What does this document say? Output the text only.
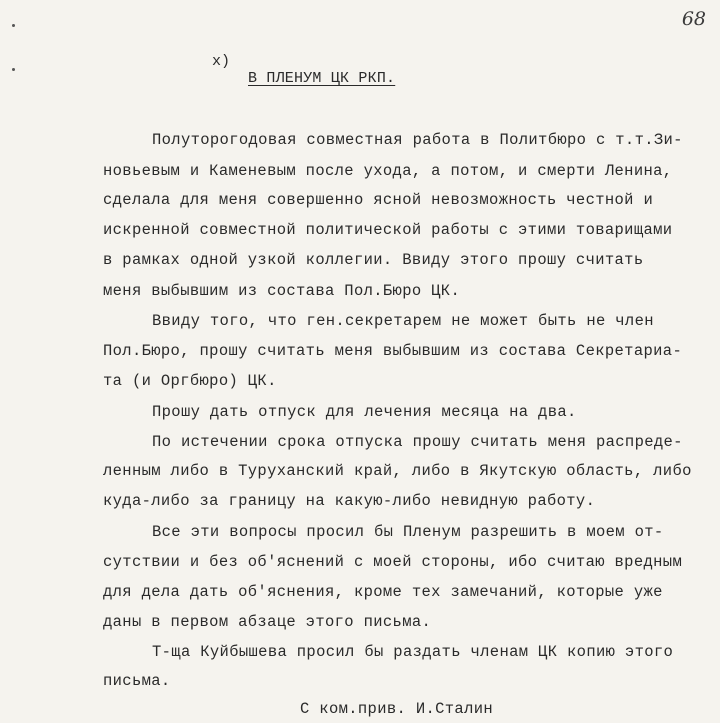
68
x)
В ПЛЕНУМ ЦК РКП.
Полуторогодовая совместная работа в Политбюро с т.т.Зи-
новьевым и Каменевым после ухода, а потом, и смерти Ленина,
сделала для меня совершенно ясной невозможность честной и
искренной совместной политической работы с этими товарищами
в рамках одной узкой коллегии. Ввиду этого прошу считать
меня выбывшим из состава Пол.Бюро ЦК.
Ввиду того, что ген.секретарем не может быть не член
Пол.Бюро, прошу считать меня выбывшим из состава Секретариа-
та (и Оргбюро) ЦК.
Прошу дать отпуск для лечения месяца на два.
По истечении срока отпуска прошу считать меня распреде-
ленным либо в Туруханский край, либо в Якутскую область, либо
куда-либо за границу на какую-либо невидную работу.
Все эти вопросы просил бы Пленум разрешить в моем от-
сутствии и без об'яснений с моей стороны, ибо считаю вредным
для дела дать об'яснения, кроме тех замечаний, которые уже
даны в первом абзаце этого письма.
Т-ща Куйбышева просил бы раздать членам ЦК копию этого
письма.
С ком.прив. И.Сталин
